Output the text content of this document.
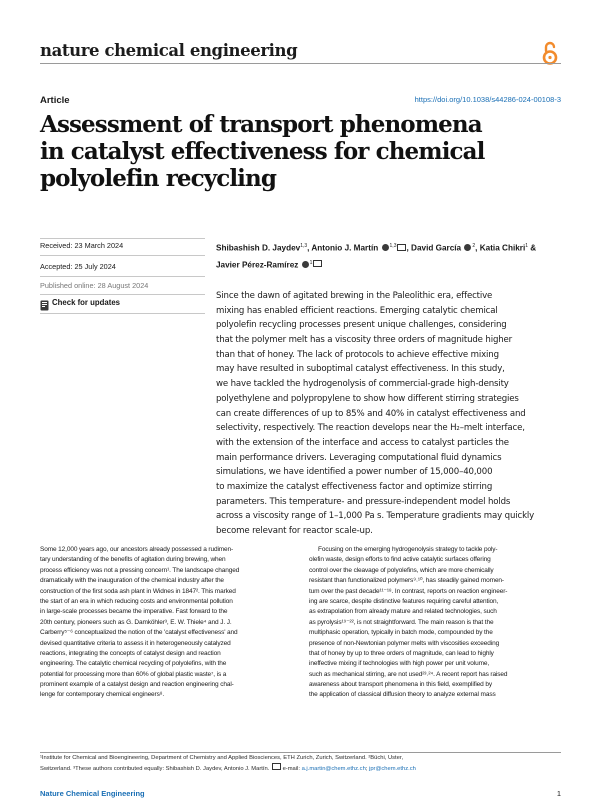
nature chemical engineering
Article	https://doi.org/10.1038/s44286-024-00108-3
Assessment of transport phenomena
in catalyst effectiveness for chemical
polyolefin recycling
Received: 23 March 2024
Accepted: 25 July 2024
Published online: 28 August 2024
Check for updates
Shibashish D. Jaydev$^{1,3}$, Antonio J. Martín $^{1,3}$ , David García $^2$, Katia Chikri$^1$ &
Javier Pérez-Ramírez $^1$
Since the dawn of agitated brewing in the Paleolithic era, effective
mixing has enabled efficient reactions. Emerging catalytic chemical
polyolefin recycling processes present unique challenges, considering
that the polymer melt has a viscosity three orders of magnitude higher
than that of honey. The lack of protocols to achieve effective mixing
may have resulted in suboptimal catalyst effectiveness. In this study,
we have tackled the hydrogenolysis of commercial-grade high-density
polyethylene and polypropylene to show how different stirring strategies
can create differences of up to 85% and 40% in catalyst effectiveness and
selectivity, respectively. The reaction develops near the H₂–melt interface,
with the extension of the interface and access to catalyst particles the
main performance drivers. Leveraging computational fluid dynamics
simulations, we have identified a power number of 15,000–40,000
to maximize the catalyst effectiveness factor and optimize stirring
parameters. This temperature- and pressure-independent model holds
across a viscosity range of 1–1,000 Pa s. Temperature gradients may quickly
become relevant for reactor scale-up.
Some 12,000 years ago, our ancestors already possessed a rudimen-
tary understanding of the benefits of agitation during brewing, when
process efficiency was not a pressing concern¹. The landscape changed
dramatically with the inauguration of the chemical industry after the
construction of the first soda ash plant in Widnes in 1847². This marked
the start of an era in which reducing costs and environmental pollution
in large-scale processes became the imperative. Fast forward to the
20th century, pioneers such as G. Damköhler³, E. W. Thiele⁴ and J. J.
Carberry⁵⁻⁶ conceptualized the notion of the 'catalyst effectiveness' and
devised quantitative criteria to assess it in heterogeneously catalyzed
reactions, integrating the concepts of catalyst design and reaction
engineering. The catalytic chemical recycling of polyolefins, with the
potential for processing more than 60% of global plastic waste⁷, is a
prominent example of a catalyst design and reaction engineering chal-
lenge for contemporary chemical engineers⁸.
Focusing on the emerging hydrogenolysis strategy to tackle poly-
olefin waste, design efforts to find active catalytic surfaces offering
control over the cleavage of polyolefins, which are more chemically
resistant than functionalized polymers⁹˒¹⁰, has steadily gained momen-
tum over the past decade¹¹⁻¹⁸. In contrast, reports on reaction engineer-
ing are scarce, despite distinctive features requiring careful attention,
as extrapolation from already mature and related technologies, such
as pyrolysis¹⁹⁻²², is not straightforward. The main reason is that the
multiphasic operation, typically in batch mode, compounded by the
presence of non-Newtonian polymer melts with viscosities exceeding
that of honey by up to three orders of magnitude, can lead to highly
ineffective mixing if technologies with high power per unit volume,
such as mechanical stirring, are not used²³˒²⁴. A recent report has raised
awareness about transport phenomena in this field, exemplified by
the application of classical diffusion theory to analyze external mass
¹Institute for Chemical and Bioengineering, Department of Chemistry and Applied Biosciences, ETH Zurich, Zurich, Switzerland. ²Büchi, Uster,
Switzerland. ³These authors contributed equally: Shibashish D. Jaydev, Antonio J. Martín. e-mail: a.j.martin@chem.ethz.ch; jpr@chem.ethz.ch
Nature Chemical Engineering	1
